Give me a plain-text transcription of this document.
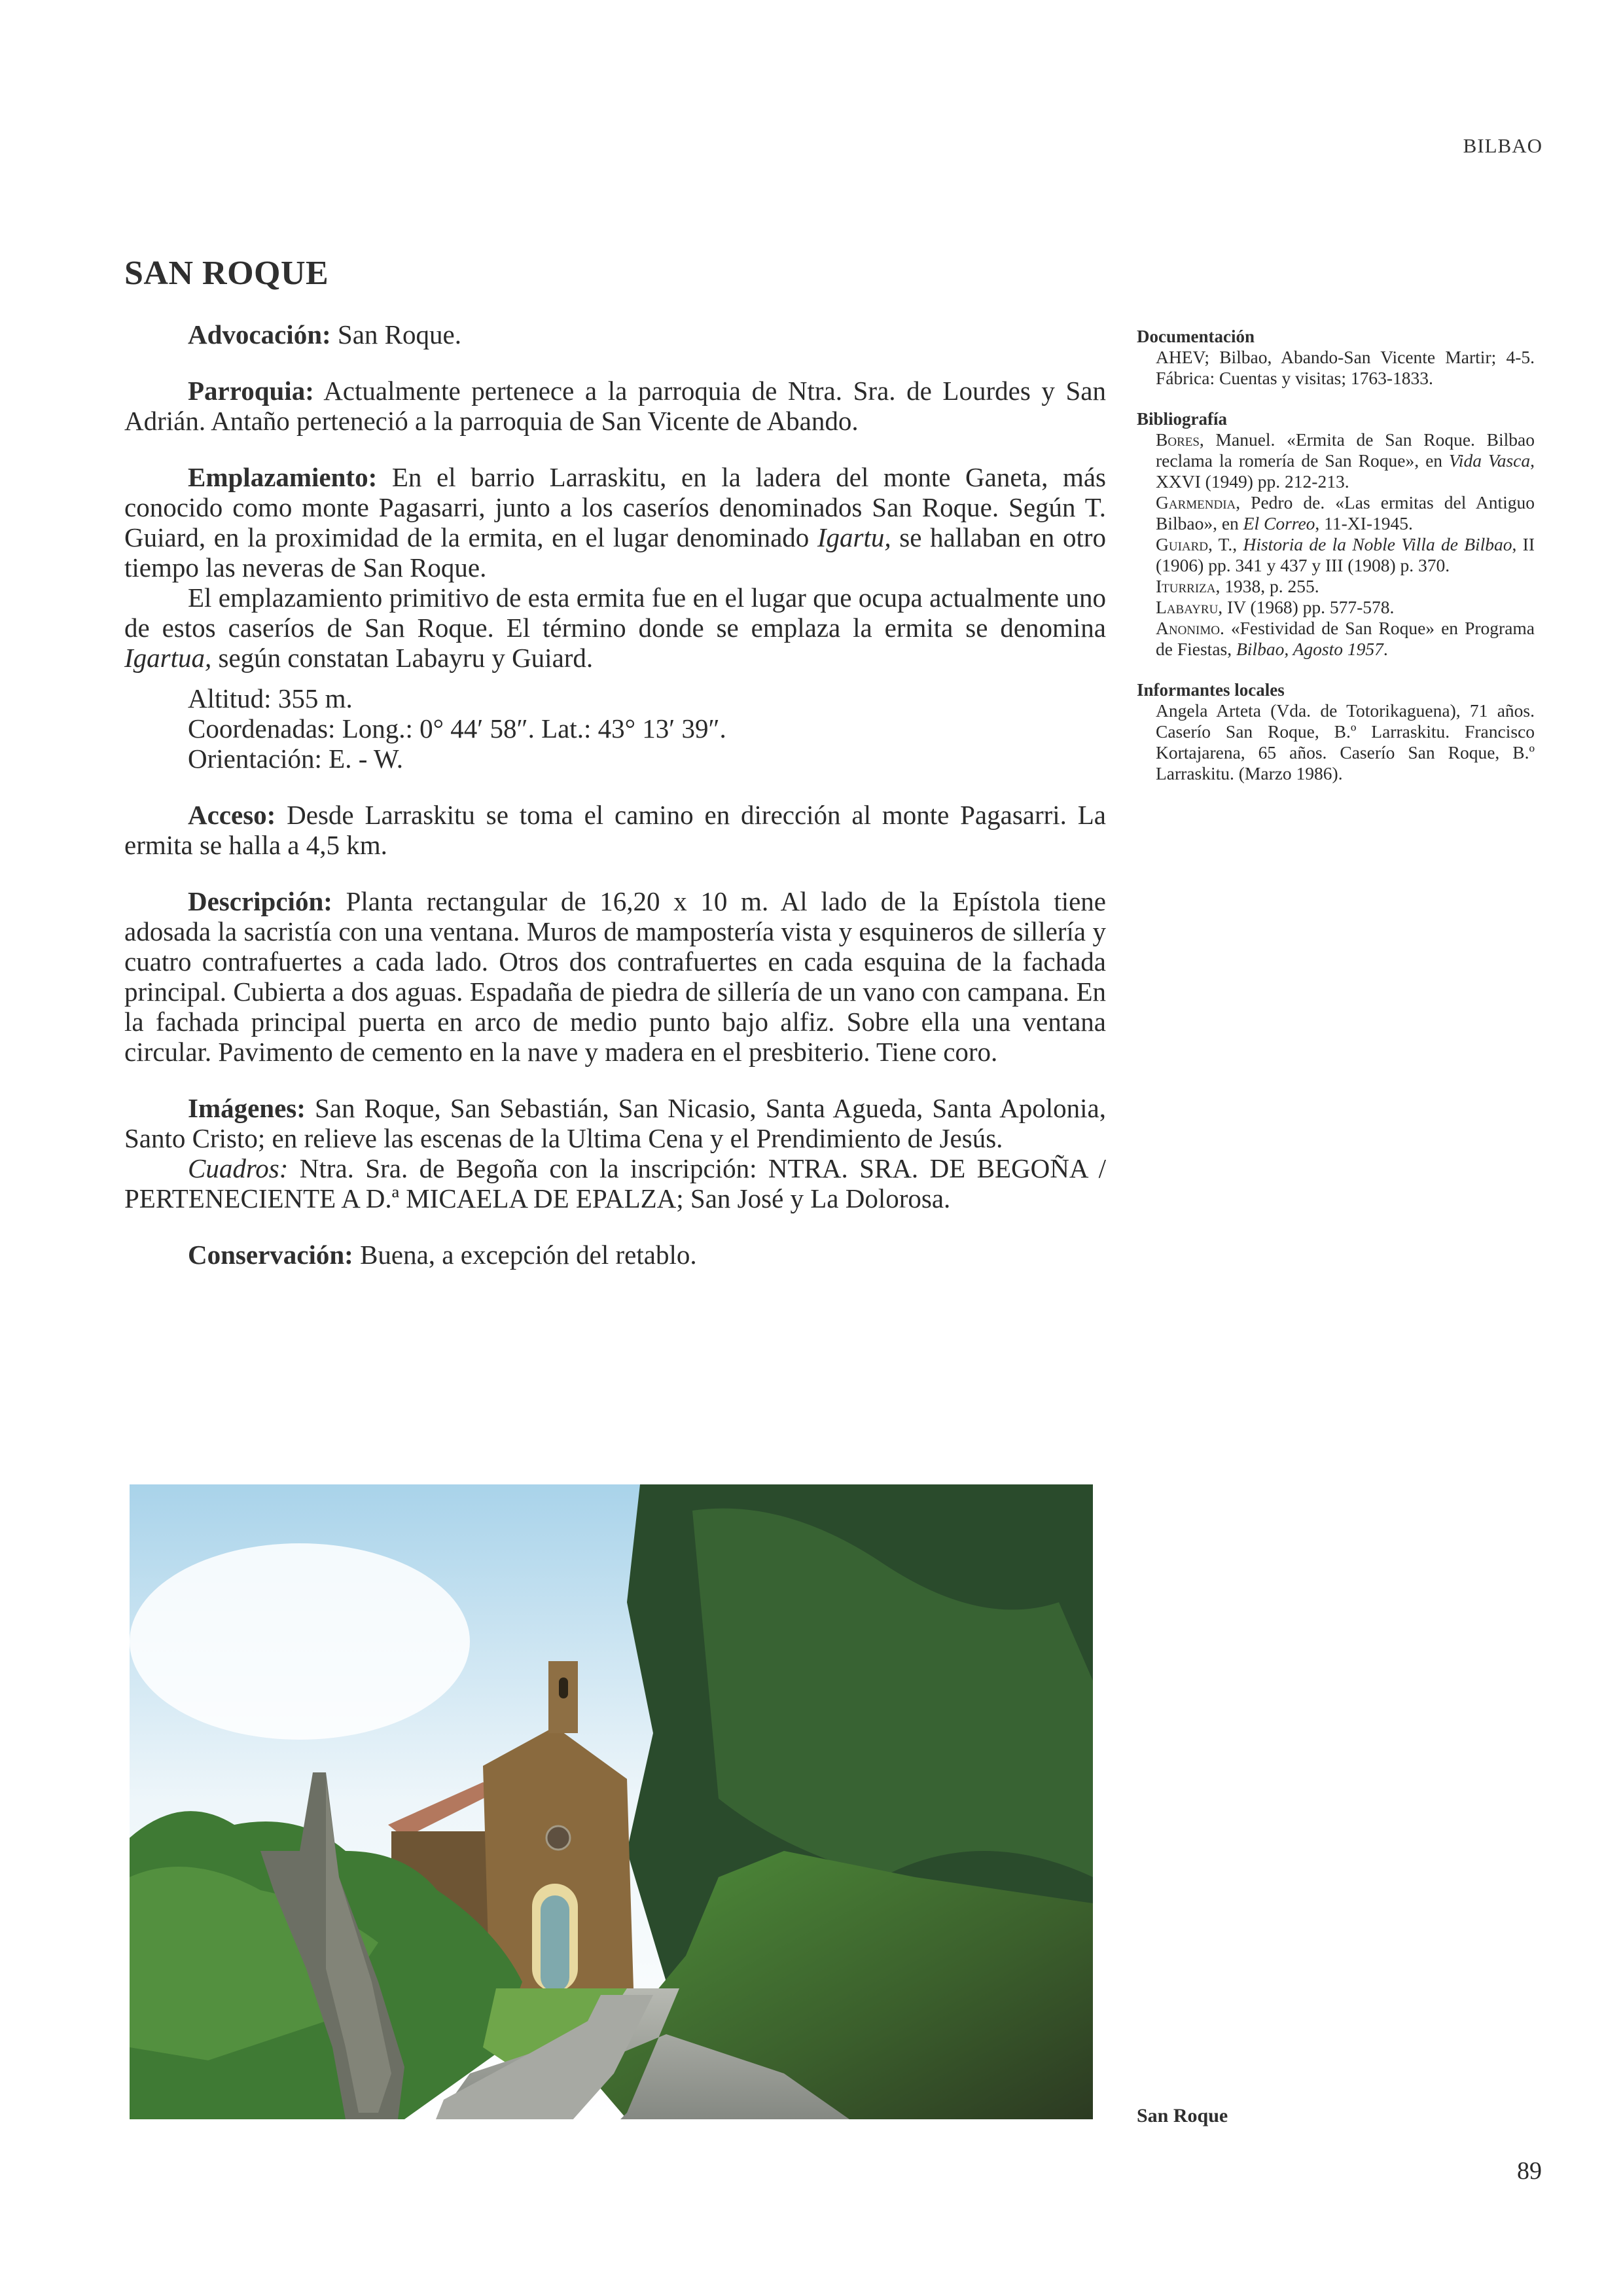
BILBAO
SAN ROQUE

Advocación: San Roque.

Parroquia: Actualmente pertenece a la parroquia de Ntra. Sra. de Lourdes y San Adrián. Antaño perteneció a la parroquia de San Vicente de Abando.

Emplazamiento: En el barrio Larraskitu, en la ladera del monte Ganeta, más conocido como monte Pagasarri, junto a los caseríos denominados San Roque. Según T. Guiard, en la proximidad de la ermita, en el lugar denominado Igartu, se hallaban en otro tiempo las neveras de San Roque.

El emplazamiento primitivo de esta ermita fue en el lugar que ocupa actualmente uno de estos caseríos de San Roque. El término donde se emplaza la ermita se denomina Igartua, según constatan Labayru y Guiard.

Altitud: 355 m.
Coordenadas: Long.: 0° 44′ 58″. Lat.: 43° 13′ 39″.
Orientación: E. - W.

Acceso: Desde Larraskitu se toma el camino en dirección al monte Pagasarri. La ermita se halla a 4,5 km.

Descripción: Planta rectangular de 16,20 x 10 m. Al lado de la Epístola tiene adosada la sacristía con una ventana. Muros de mampostería vista y esquineros de sillería y cuatro contrafuertes a cada lado. Otros dos contrafuertes en cada esquina de la fachada principal. Cubierta a dos aguas. Espadaña de piedra de sillería de un vano con campana. En la fachada principal puerta en arco de medio punto bajo alfiz. Sobre ella una ventana circular. Pavimento de cemento en la nave y madera en el presbiterio. Tiene coro.

Imágenes: San Roque, San Sebastián, San Nicasio, Santa Agueda, Santa Apolonia, Santo Cristo; en relieve las escenas de la Ultima Cena y el Prendimiento de Jesús.

Cuadros: Ntra. Sra. de Begoña con la inscripción: NTRA. SRA. DE BEGOÑA / PERTENECIENTE A D.ª MICAELA DE EPALZA; San José y La Dolorosa.

Conservación: Buena, a excepción del retablo.

Documentación
AHEV; Bilbao, Abando-San Vicente Martir; 4-5. Fábrica: Cuentas y visitas; 1763-1833.
Bibliografía
Bores, Manuel. «Ermita de San Roque. Bilbao reclama la romería de San Roque», en Vida Vasca, XXVI (1949) pp. 212-213.
Garmendia, Pedro de. «Las ermitas del Antiguo Bilbao», en El Correo, 11-XI-1945.
Guiard, T., Historia de la Noble Villa de Bilbao, II (1906) pp. 341 y 437 y III (1908) p. 370.
Iturriza, 1938, p. 255.
Labayru, IV (1968) pp. 577-578.
Anonimo. «Festividad de San Roque» en Programa de Fiestas, Bilbao, Agosto 1957.
Informantes locales
Angela Arteta (Vda. de Totorikaguena), 71 años. Caserío San Roque, B.º Larraskitu. Francisco Kortajarena, 65 años. Caserío San Roque, B.º Larraskitu. (Marzo 1986).
San Roque
89
